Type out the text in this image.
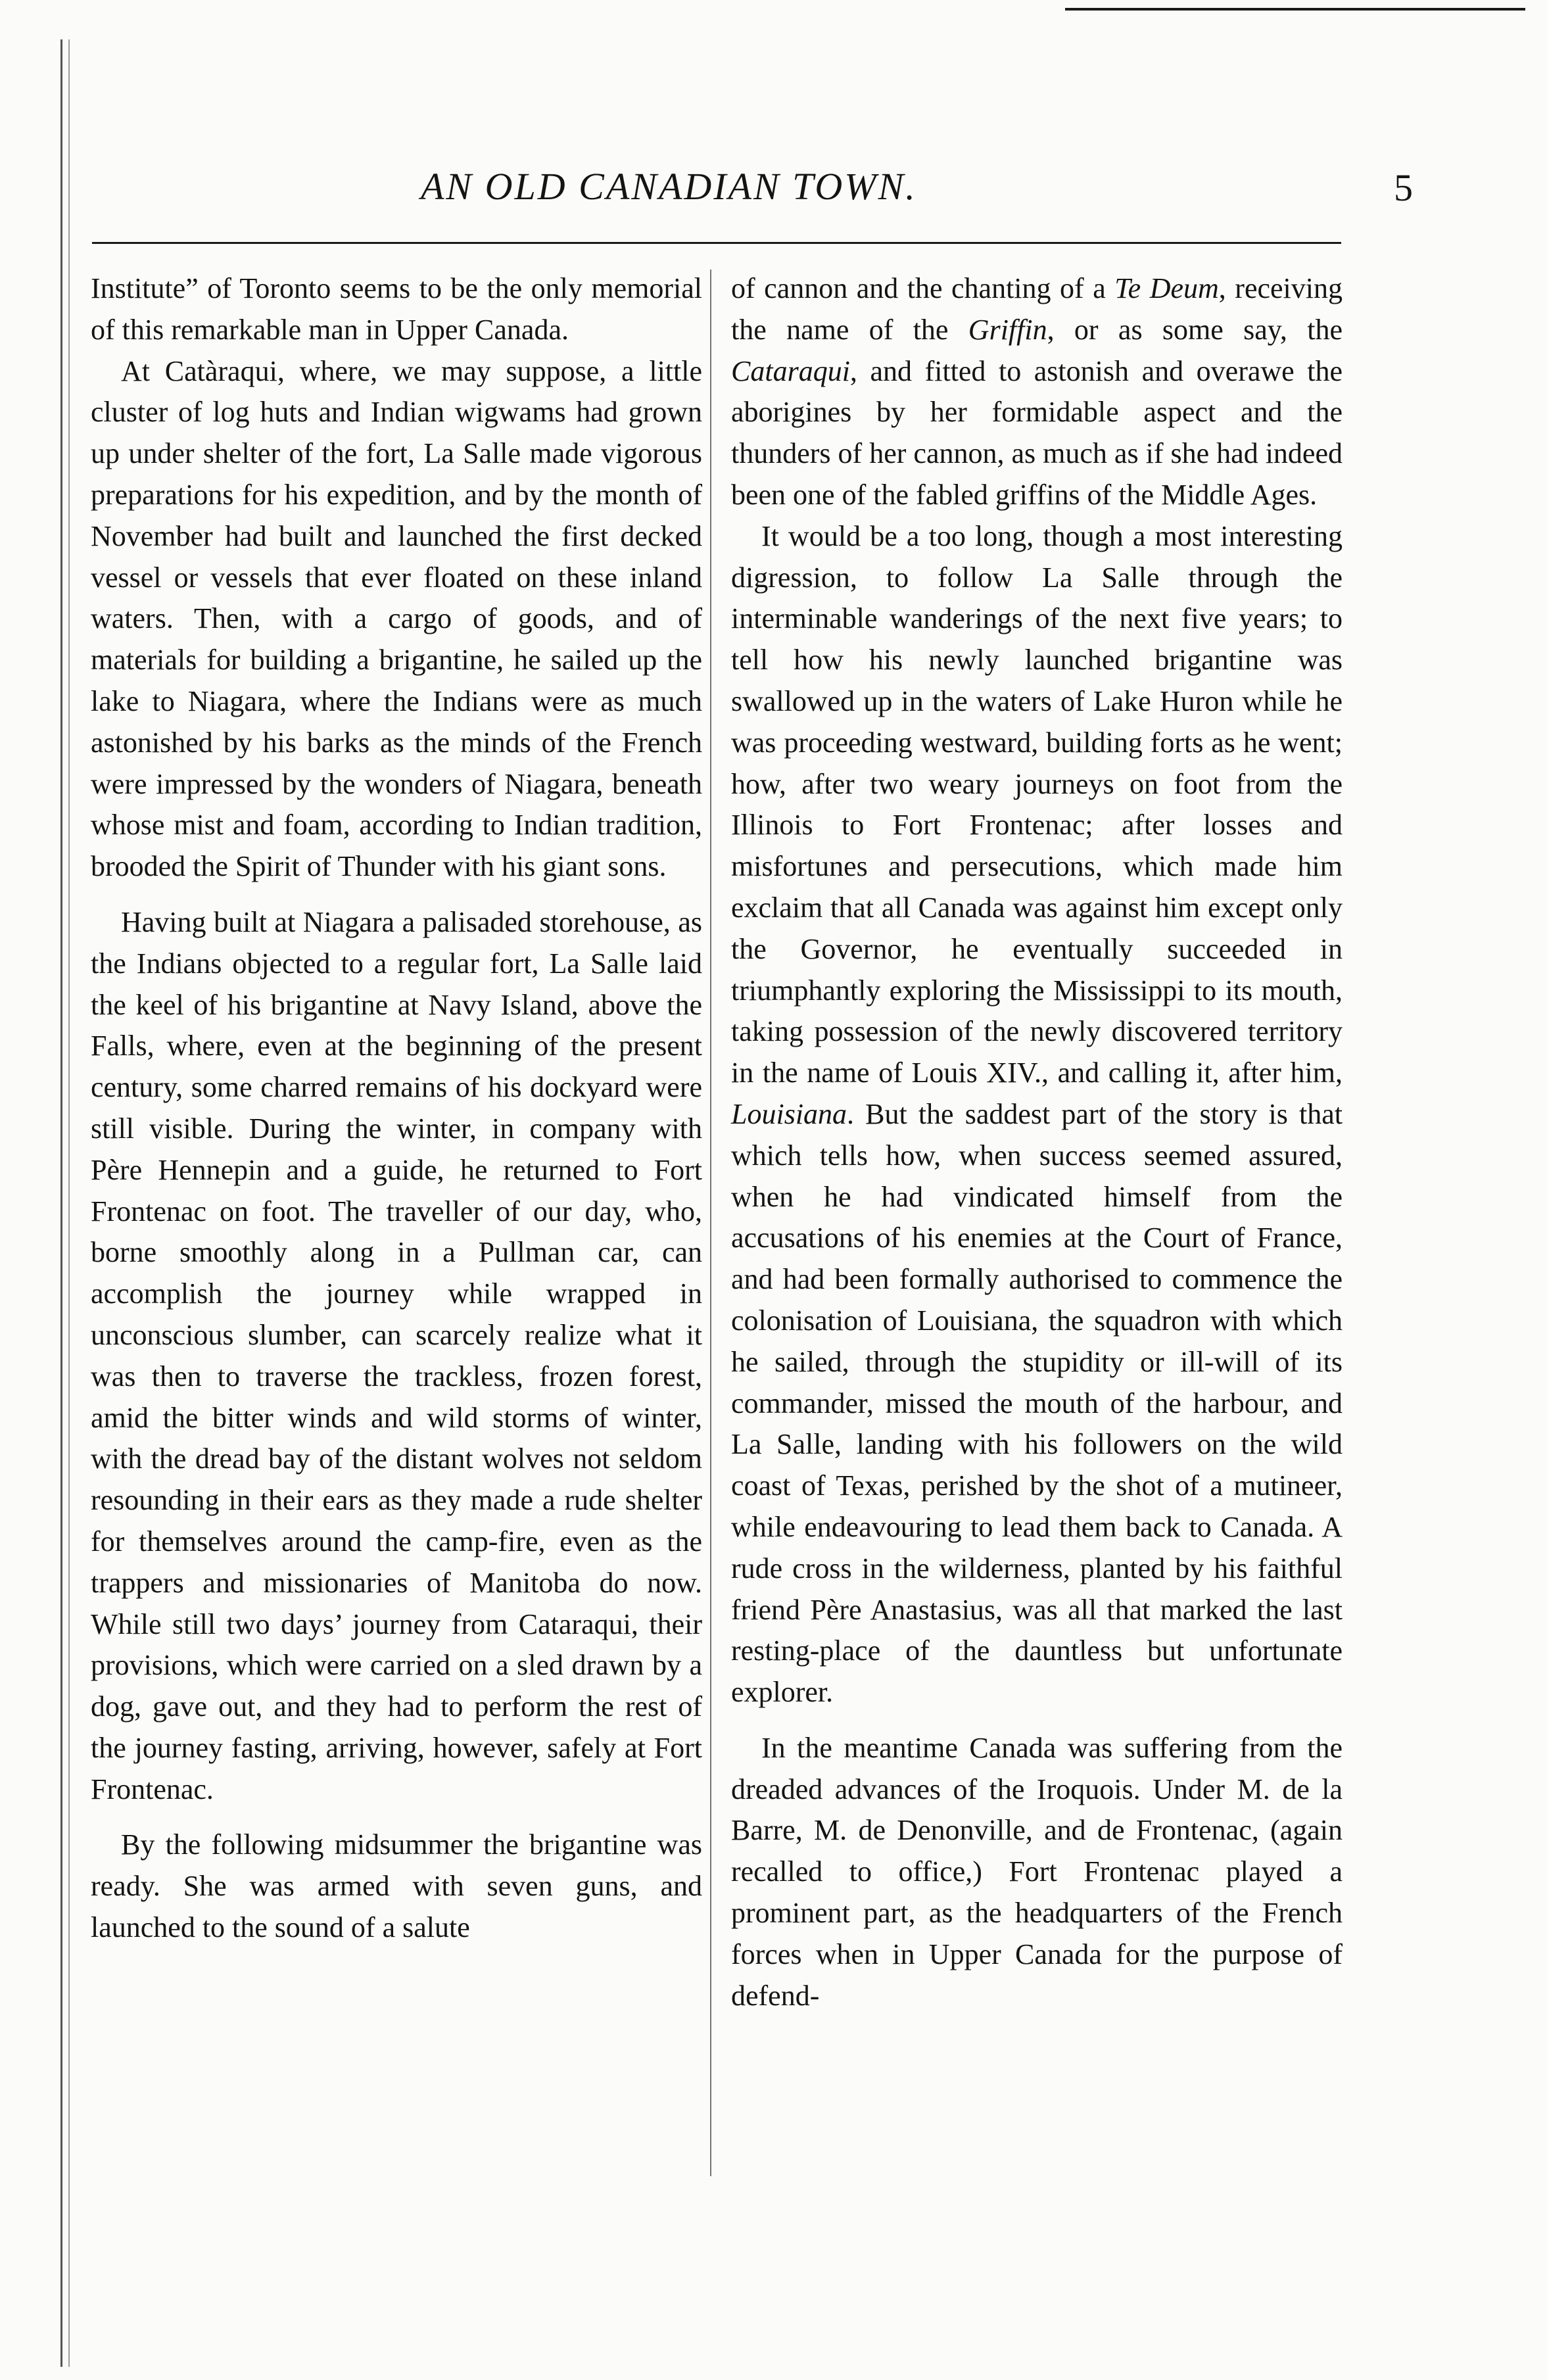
AN OLD CANADIAN TOWN.	5

Institute” of Toronto seems to be the only memorial of this remarkable man in Upper Canada.

At Catàraqui, where, we may suppose, a little cluster of log huts and Indian wigwams had grown up under shelter of the fort, La Salle made vigorous preparations for his expedition, and by the month of November had built and launched the first decked vessel or vessels that ever floated on these inland waters. Then, with a cargo of goods, and of materials for building a brigantine, he sailed up the lake to Niagara, where the Indians were as much astonished by his barks as the minds of the French were impressed by the wonders of Niagara, beneath whose mist and foam, according to Indian tradition, brooded the Spirit of Thunder with his giant sons.

Having built at Niagara a palisaded storehouse, as the Indians objected to a regular fort, La Salle laid the keel of his brigantine at Navy Island, above the Falls, where, even at the beginning of the present century, some charred remains of his dockyard were still visible. During the winter, in company with Père Hennepin and a guide, he returned to Fort Frontenac on foot. The traveller of our day, who, borne smoothly along in a Pullman car, can accomplish the journey while wrapped in unconscious slumber, can scarcely realize what it was then to traverse the trackless, frozen forest, amid the bitter winds and wild storms of winter, with the dread bay of the distant wolves not seldom resounding in their ears as they made a rude shelter for themselves around the camp-fire, even as the trappers and missionaries of Manitoba do now. While still two days’ journey from Cataraqui, their provisions, which were carried on a sled drawn by a dog, gave out, and they had to perform the rest of the journey fasting, arriving, however, safely at Fort Frontenac.

By the following midsummer the brigantine was ready. She was armed with seven guns, and launched to the sound of a salute

of cannon and the chanting of a Te Deum, receiving the name of the Griffin, or as some say, the Cataraqui, and fitted to astonish and overawe the aborigines by her formidable aspect and the thunders of her cannon, as much as if she had indeed been one of the fabled griffins of the Middle Ages.

It would be a too long, though a most interesting digression, to follow La Salle through the interminable wanderings of the next five years; to tell how his newly launched brigantine was swallowed up in the waters of Lake Huron while he was proceeding westward, building forts as he went; how, after two weary journeys on foot from the Illinois to Fort Frontenac; after losses and misfortunes and persecutions, which made him exclaim that all Canada was against him except only the Governor, he eventually succeeded in triumphantly exploring the Mississippi to its mouth, taking possession of the newly discovered territory in the name of Louis XIV., and calling it, after him, Louisiana. But the saddest part of the story is that which tells how, when success seemed assured, when he had vindicated himself from the accusations of his enemies at the Court of France, and had been formally authorised to commence the colonisation of Louisiana, the squadron with which he sailed, through the stupidity or ill-will of its commander, missed the mouth of the harbour, and La Salle, landing with his followers on the wild coast of Texas, perished by the shot of a mutineer, while endeavouring to lead them back to Canada. A rude cross in the wilderness, planted by his faithful friend Père Anastasius, was all that marked the last resting-place of the dauntless but unfortunate explorer.

In the meantime Canada was suffering from the dreaded advances of the Iroquois. Under M. de la Barre, M. de Denonville, and de Frontenac, (again recalled to office,) Fort Frontenac played a prominent part, as the headquarters of the French forces when in Upper Canada for the purpose of defend-
